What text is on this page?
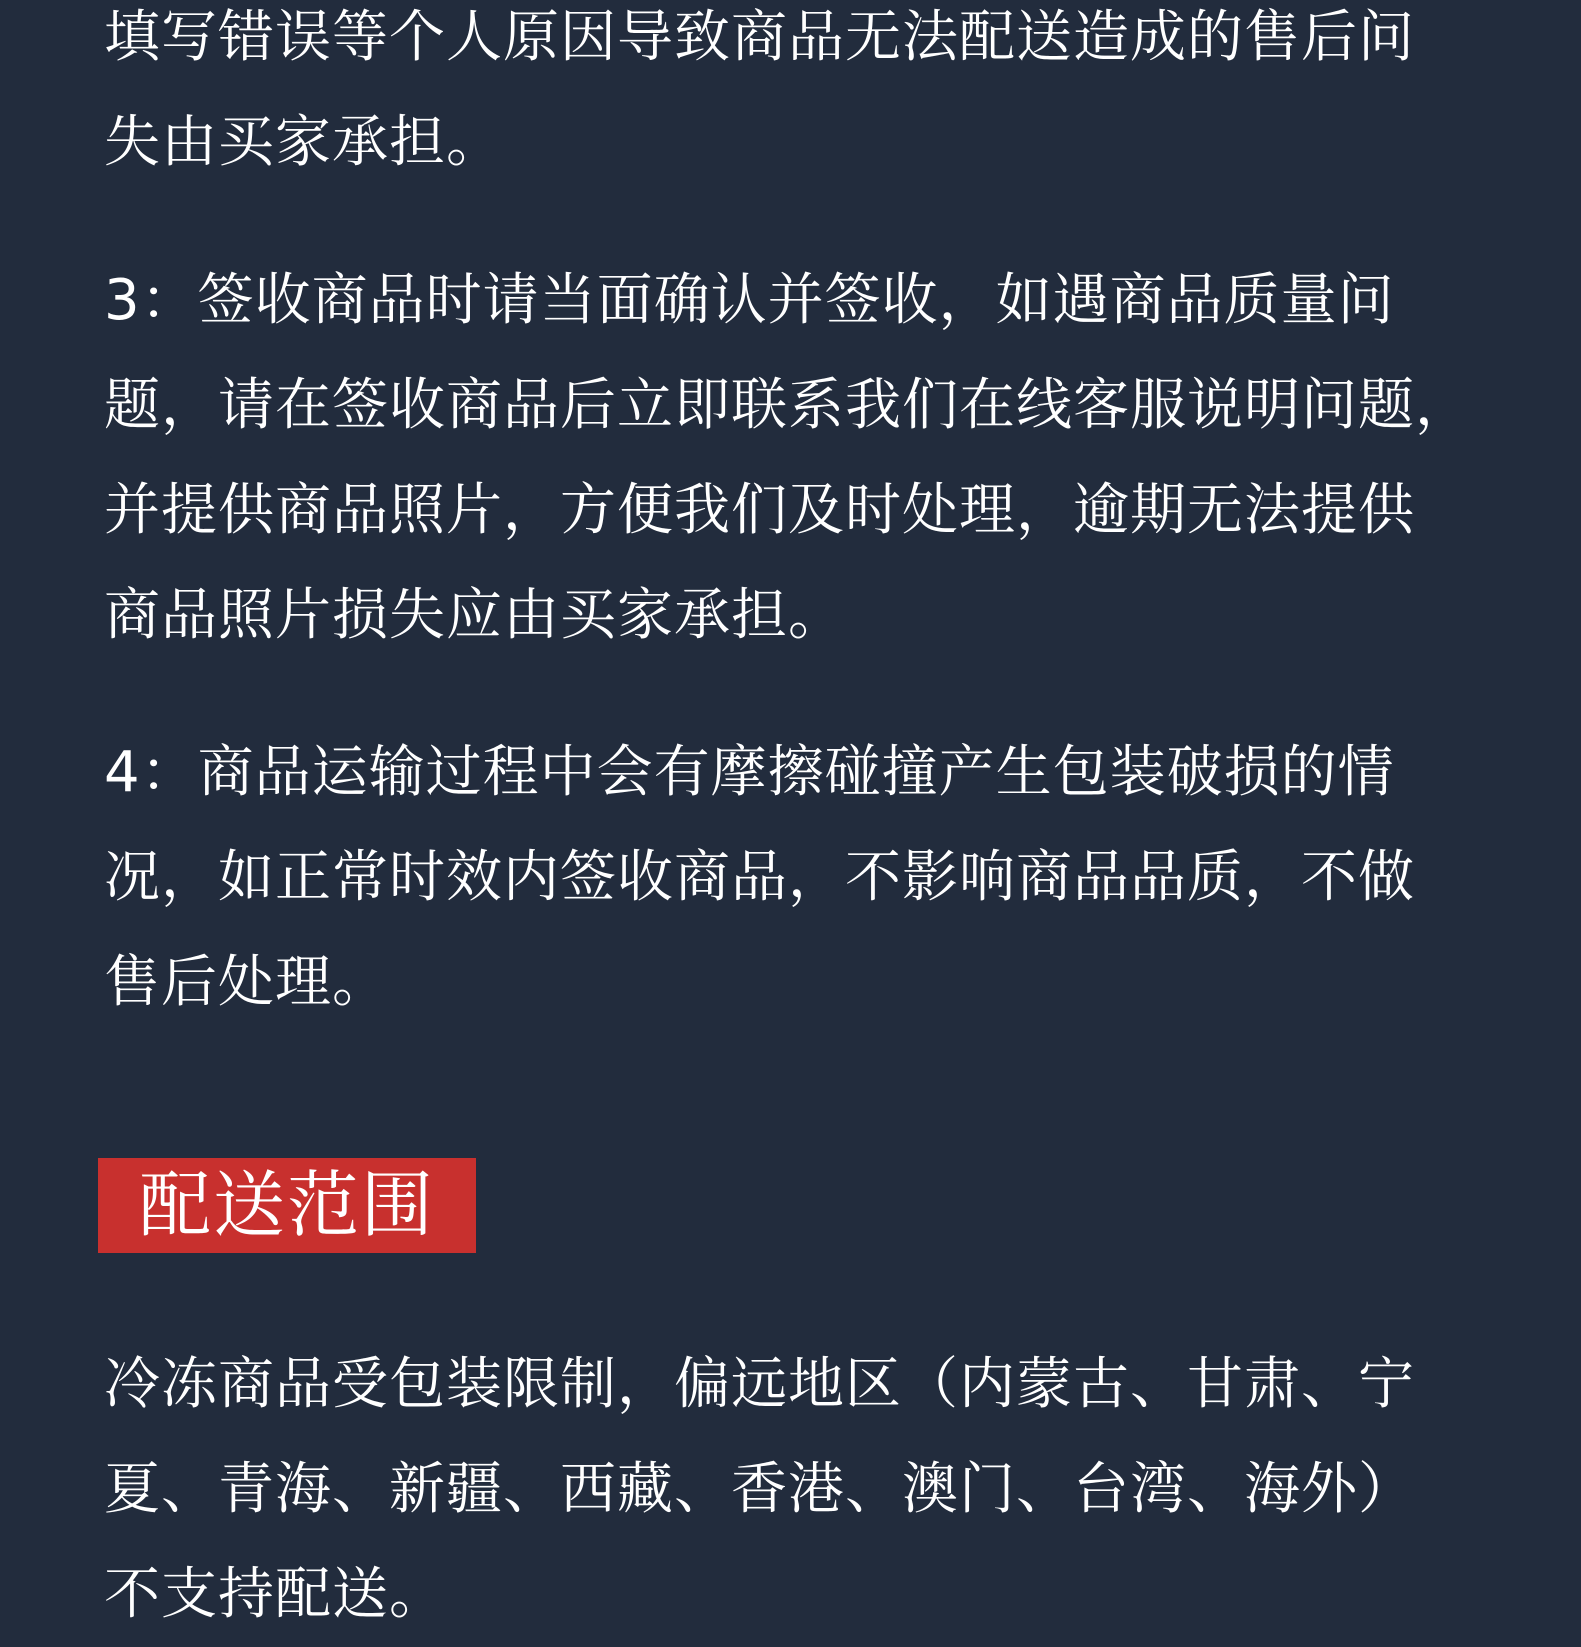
填写错误等个人原因导致商品无法配送造成的售后问
失由买家承担。

3：签收商品时请当面确认并签收，如遇商品质量问
题，请在签收商品后立即联系我们在线客服说明问题，
并提供商品照片，方便我们及时处理，逾期无法提供
商品照片损失应由买家承担。

4：商品运输过程中会有摩擦碰撞产生包装破损的情
况，如正常时效内签收商品，不影响商品品质，不做
售后处理。

配送范围

冷冻商品受包装限制，偏远地区（内蒙古、甘肃、宁
夏、青海、新疆、西藏、香港、澳门、台湾、海外）
不支持配送。
